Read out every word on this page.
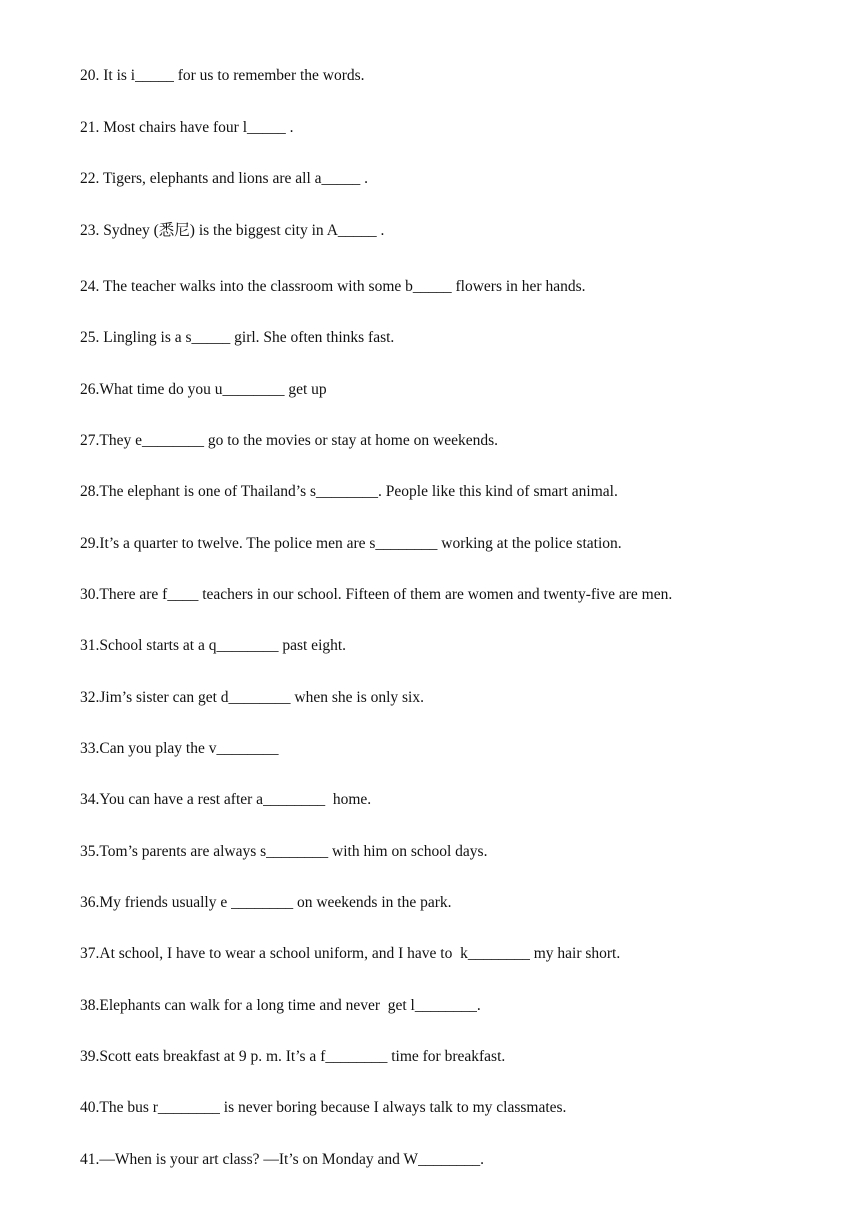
20. It is i_____ for us to remember the words.

21. Most chairs have four l_____ .

22. Tigers, elephants and lions are all a_____ .

23. Sydney (悉尼) is the biggest city in A_____ .

24. The teacher walks into the classroom with some b_____ flowers in her hands.

25. Lingling is a s_____ girl. She often thinks fast.

26.What time do you u________ get up

27.They e________ go to the movies or stay at home on weekends.

28.The elephant is one of Thailand’s s________. People like this kind of smart animal.

29.It’s a quarter to twelve. The police men are s________ working at the police station.

30.There are f____ teachers in our school. Fifteen of them are women and twenty-five are men.

31.School starts at a q________ past eight.

32.Jim’s sister can get d________ when she is only six.

33.Can you play the v________

34.You can have a rest after a________  home.

35.Tom’s parents are always s________ with him on school days.

36.My friends usually e ________ on weekends in the park.

37.At school, I have to wear a school uniform, and I have to  k________ my hair short.

38.Elephants can walk for a long time and never  get l________.

39.Scott eats breakfast at 9 p. m. It’s a f________ time for breakfast.

40.The bus r________ is never boring because I always talk to my classmates.

41.—When is your art class? —It’s on Monday and W________.
